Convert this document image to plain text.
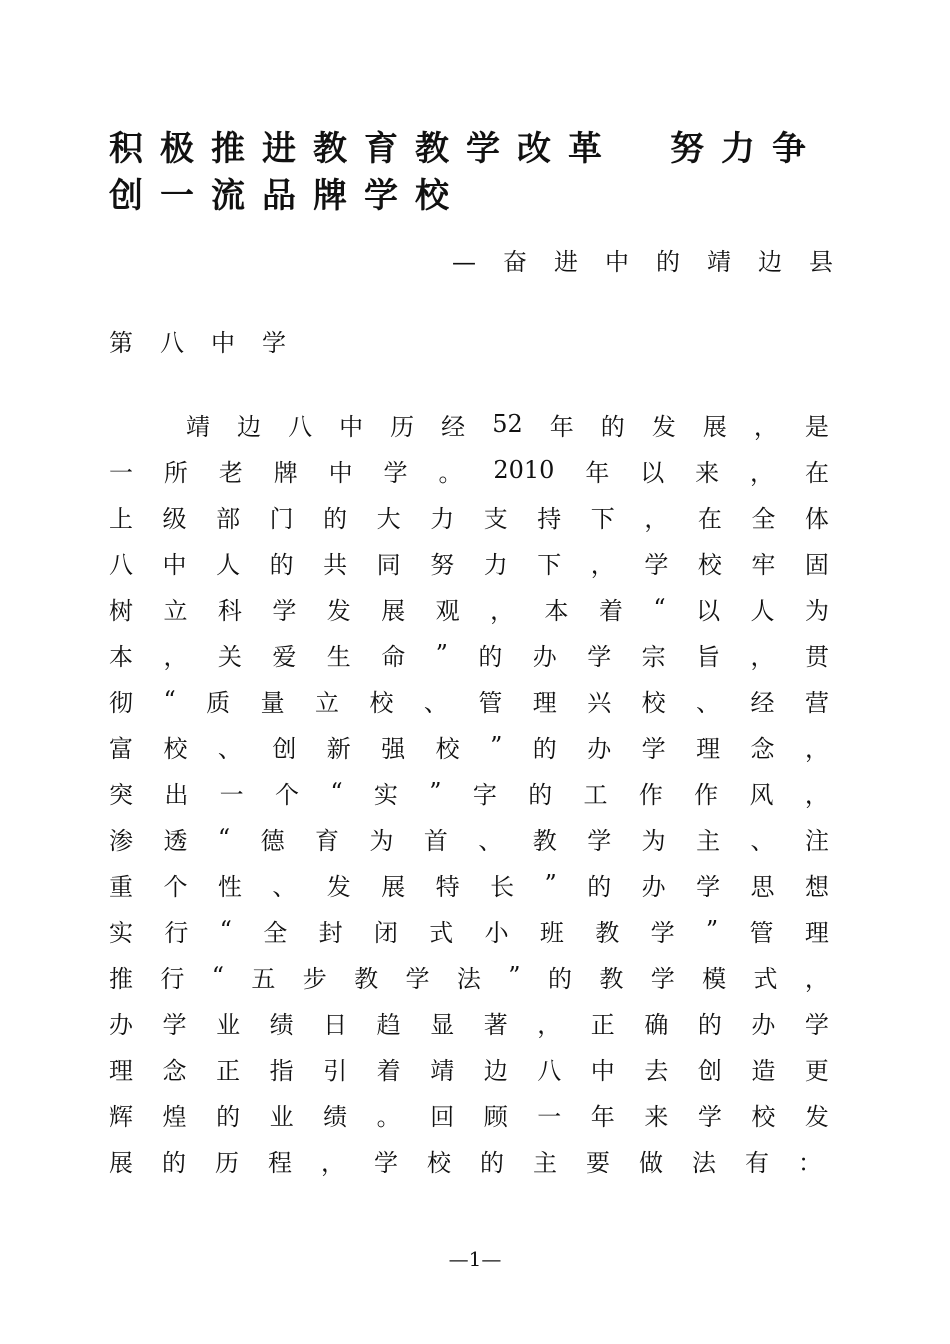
积极推进教育教学改革　努力争
创一流品牌学校
—奋进中的靖边县
第八中学
靖 边 八 中 历 经 52 年 的 发 展 ， 是
一 所 老 牌 中 学 。 2010 年 以 来 ， 在
上 级 部 门 的 大 力 支 持 下 ， 在 全 体
八 中 人 的 共 同 努 力 下 ， 学 校 牢 固
树 立 科 学 发 展 观 ， 本 着 “ 以 人 为
本 ， 关 爱 生 命 ” 的 办 学 宗 旨 ， 贯
彻 “ 质 量 立 校 、 管 理 兴 校 、 经 营
富 校 、 创 新 强 校 ” 的 办 学 理 念 ，
突 出 一 个 “ 实 ” 字 的 工 作 作 风 ，
渗 透 “ 德 育 为 首 、 教 学 为 主 、 注
重 个 性 、 发 展 特 长 ” 的 办 学 思 想
实 行 “ 全 封 闭 式 小 班 教 学 ” 管 理
推 行 “ 五 步 教 学 法 ” 的 教 学 模 式 ，
办 学 业 绩 日 趋 显 著 ， 正 确 的 办 学
理 念 正 指 引 着 靖 边 八 中 去 创 造 更
辉 煌 的 业 绩 。 回 顾 一 年 来 学 校 发
展 的 历 程 ， 学 校 的 主 要 做 法 有 ：
—1—
